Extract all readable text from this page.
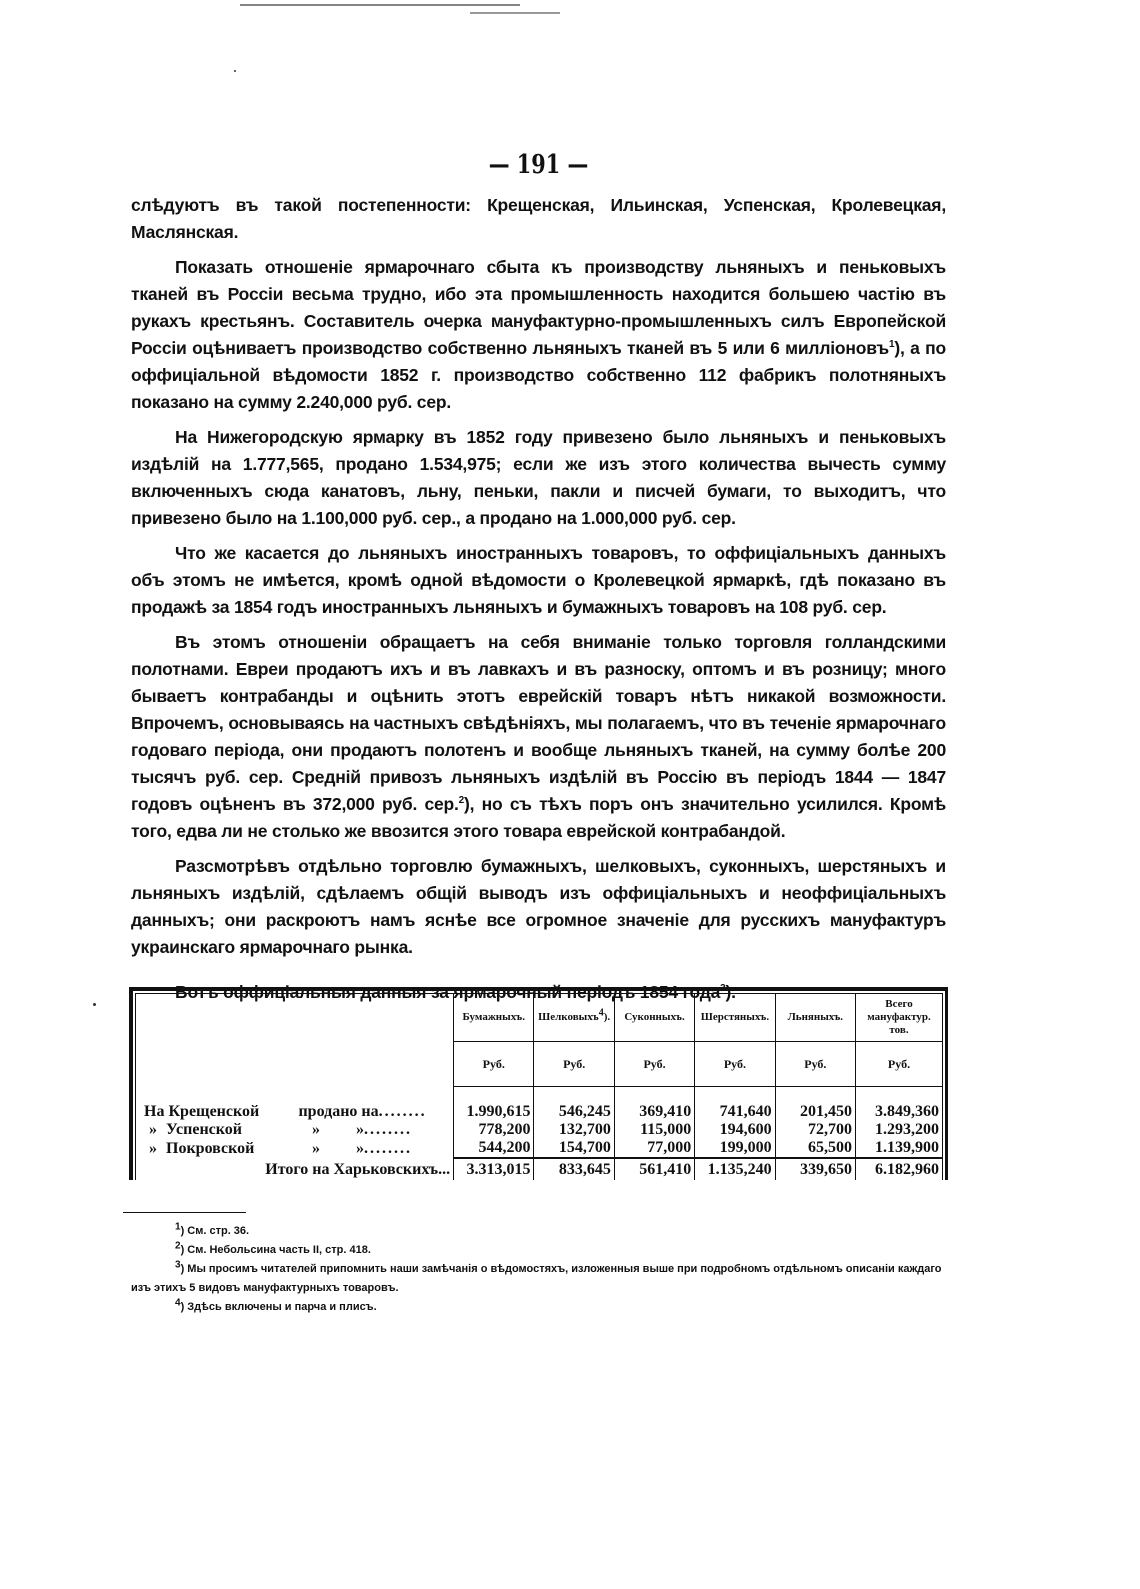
— 191 —

слѣдуютъ въ такой постепенности: Крещенская, Ильинская, Успенская, Кролевецкая, Маслянская.

Показать отношеніе ярмарочнаго сбыта къ производству льняныхъ и пеньковыхъ тканей въ Россіи весьма трудно, ибо эта промышленность находится большею частію въ рукахъ крестьянъ. Составитель очерка мануфактурно-промышленныхъ силъ Европейской Россіи оцѣниваетъ производство собственно льняныхъ тканей въ 5 или 6 милліоновъ$^1$), а по оффиціальной вѣдомости 1852 г. производство собственно 112 фабрикъ полотняныхъ показано на сумму 2.240,000 руб. сер.

На Нижегородскую ярмарку въ 1852 году привезено было льняныхъ и пеньковыхъ издѣлій на 1.777,565, продано 1.534,975; если же изъ этого количества вычесть сумму включенныхъ сюда канатовъ, льну, пеньки, пакли и писчей бумаги, то выходитъ, что привезено было на 1.100,000 руб. сер., а продано на 1.000,000 руб. сер.

Что же касается до льняныхъ иностранныхъ товаровъ, то оффиціальныхъ данныхъ объ этомъ не имѣется, кромѣ одной вѣдомости о Кролевецкой ярмаркѣ, гдѣ показано въ продажѣ за 1854 годъ иностранныхъ льняныхъ и бумажныхъ товаровъ на 108 руб. сер.

Въ этомъ отношеніи обращаетъ на себя вниманіе только торговля голландскими полотнами. Евреи продаютъ ихъ и въ лавкахъ и въ разноску, оптомъ и въ розницу; много бываетъ контрабанды и оцѣнить этотъ еврейскій товаръ нѣтъ никакой возможности. Впрочемъ, основываясь на частныхъ свѣдѣніяхъ, мы полагаемъ, что въ теченіе ярмарочнаго годоваго періода, они продаютъ полотенъ и вообще льняныхъ тканей, на сумму болѣе 200 тысячъ руб. сер. Средній привозъ льняныхъ издѣлій въ Россію въ періодъ 1844 — 1847 годовъ оцѣненъ въ 372,000 руб. сер.$^2$), но съ тѣхъ поръ онъ значительно усилился. Кромѣ того, едва ли не столько же ввозится этого товара еврейской контрабандой.

Разсмотрѣвъ отдѣльно торговлю бумажныхъ, шелковыхъ, суконныхъ, шерстяныхъ и льняныхъ издѣлій, сдѣлаемъ общій выводъ изъ оффиціальныхъ и неоффиціальныхъ данныхъ; они раскроютъ намъ яснѣе все огромное значеніе для русскихъ мануфактуръ украинскаго ярмарочнаго рынка.

Вотъ оффиціальныя данныя за ярмарочный періодъ 1854 года$^3$).

	Бумажныхъ.	Шелковыхъ$^4$).	Суконныхъ.	Шерстяныхъ.	Льняныхъ.	Всего мануфактур. тов.
	Руб.	Руб.	Руб.	Руб.	Руб.	Руб.

На Крещенской продано на........	1.990,615	546,245	369,410	741,640	201,450	3.849,360
» Успенской » »........	778,200	132,700	115,000	194,600	72,700	1.293,200
» Покровской » »........	544,200	154,700	77,000	199,000	65,500	1.139,900
Итого на Харьковскихъ...	3.313,015	833,645	561,410	1.135,240	339,650	6.182,960
$^1$) См. стр. 36.
$^2$) См. Небольсина часть II, стр. 418.
$^3$) Мы просимъ читателей припомнить наши замѣчанія о вѣдомостяхъ, изложенныя выше при подробномъ отдѣльномъ описаніи каждаго изъ этихъ 5 видовъ мануфактурныхъ товаровъ.
$^4$) Здѣсь включены и парча и плисъ.
